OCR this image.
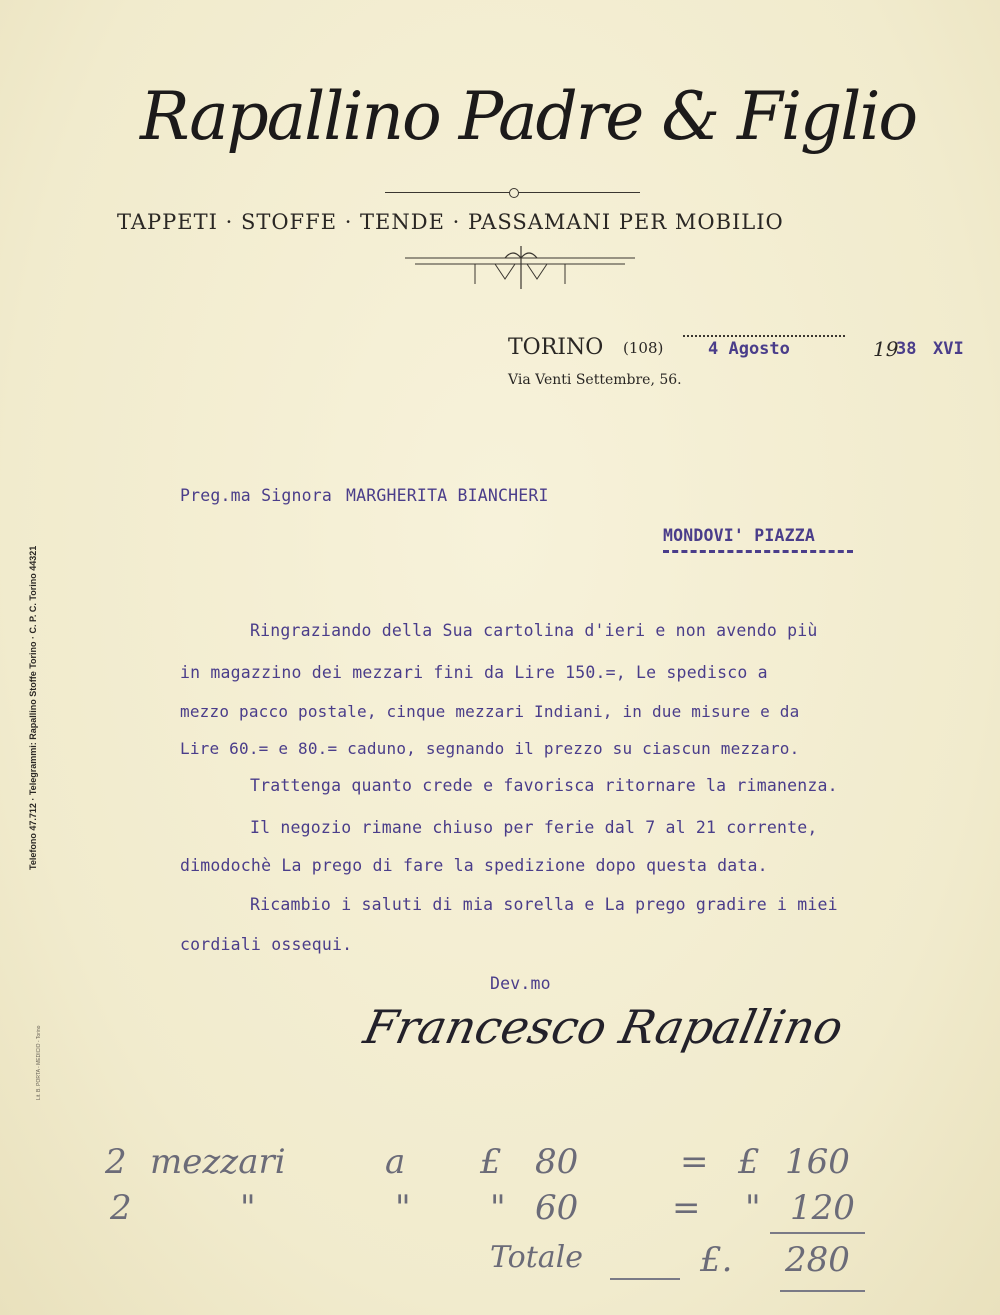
Rapallino Padre & Figlio
TAPPETI · STOFFE · TENDE · PASSAMANI PER MOBILIO
TORINO (108)	4 Agosto	19
38 XVI
Via Venti Settembre, 56.
Telefono 47.712 · Telegrammi: Rapallino Stoffe Torino · C. P. C. Torino 44321
Lit. B. PORTA - MEDICIO - Torino
Preg.ma Signora MARGHERITA BIANCHERI
MONDOVI' PIAZZA
Ringraziando della Sua cartolina d'ieri e non avendo più
in magazzino dei mezzari fini da Lire 150.=, Le spedisco a
mezzo pacco postale, cinque mezzari Indiani, in due misure e da
Lire 60.= e 80.= caduno, segnando il prezzo su ciascun mezzaro.
Trattenga quanto crede e favorisca ritornare la rimanenza.
Il negozio rimane chiuso per ferie dal 7 al 21 corrente,
dimodochè La prego di fare la spedizione dopo questa data.
Ricambio i saluti di mia sorella e La prego gradire i miei
cordiali ossequi.
Dev.mo
Francesco Rapallino
2 mezzari	a £ 80	= £ 160
2	"	" " 60	= " 120
Totale	£. 280
